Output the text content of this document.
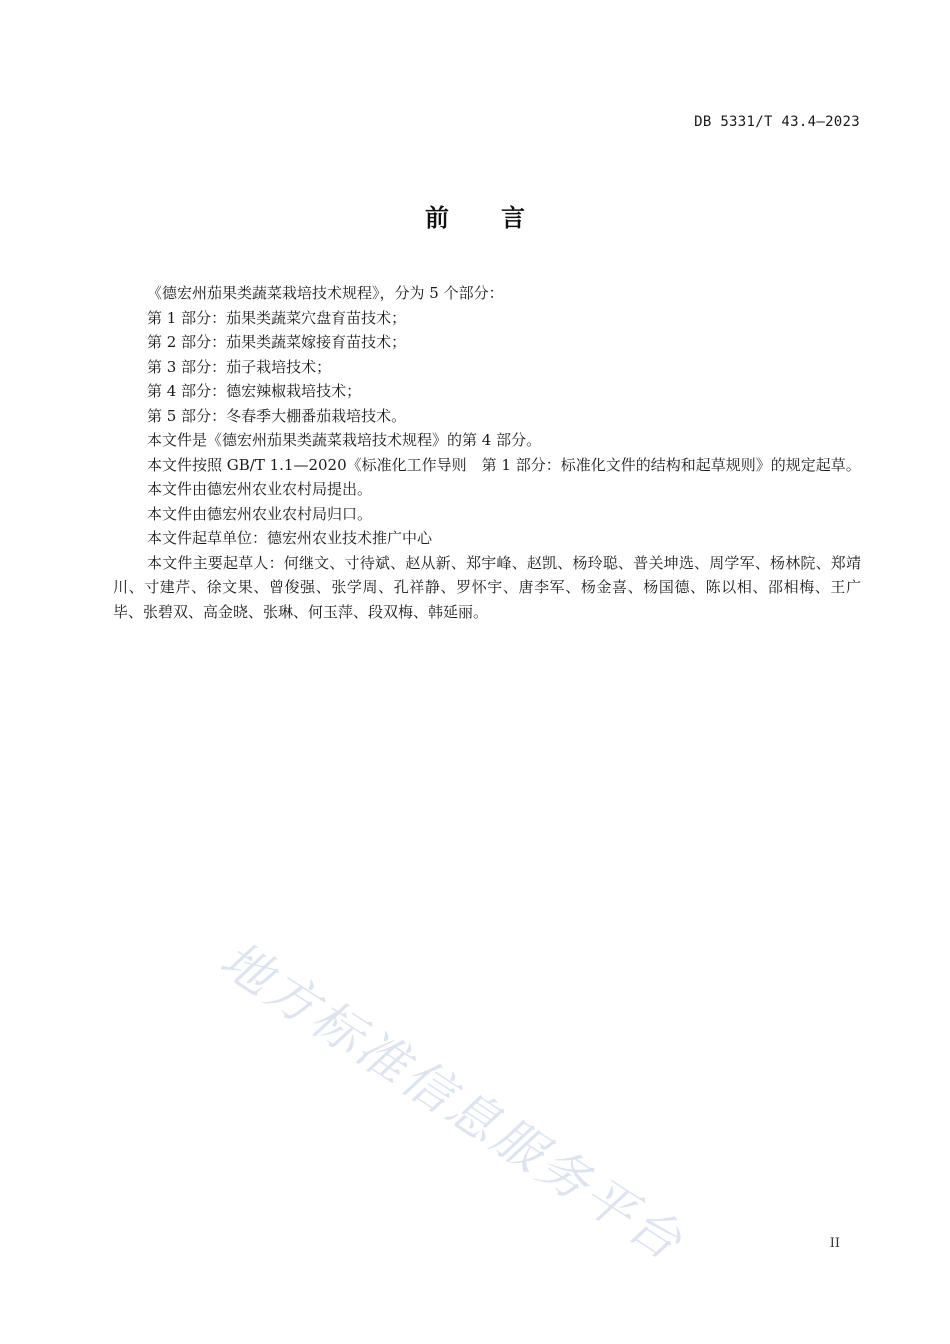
DB 5331/T 43.4—2023
前言

《德宏州茄果类蔬菜栽培技术规程》，分为 5 个部分：

第 1 部分：茄果类蔬菜穴盘育苗技术；

第 2 部分：茄果类蔬菜嫁接育苗技术；

第 3 部分：茄子栽培技术；

第 4 部分：德宏辣椒栽培技术；

第 5 部分：冬春季大棚番茄栽培技术。

本文件是《德宏州茄果类蔬菜栽培技术规程》的第 4 部分。

本文件按照 GB/T 1.1—2020《标准化工作导则　第 1 部分：标准化文件的结构和起草规则》的规定起草。

本文件由德宏州农业农村局提出。

本文件由德宏州农业农村局归口。

本文件起草单位：德宏州农业技术推广中心

本文件主要起草人：何继文、寸待斌、赵从新、郑宇峰、赵凯、杨玲聪、普关坤选、周学军、杨林院、郑靖川、寸建芹、徐文果、曾俊强、张学周、孔祥静、罗怀宇、唐李军、杨金喜、杨国德、陈以相、邵相梅、王广毕、张碧双、高金晓、张琳、何玉萍、段双梅、韩延丽。

地方标准信息服务平台	II
